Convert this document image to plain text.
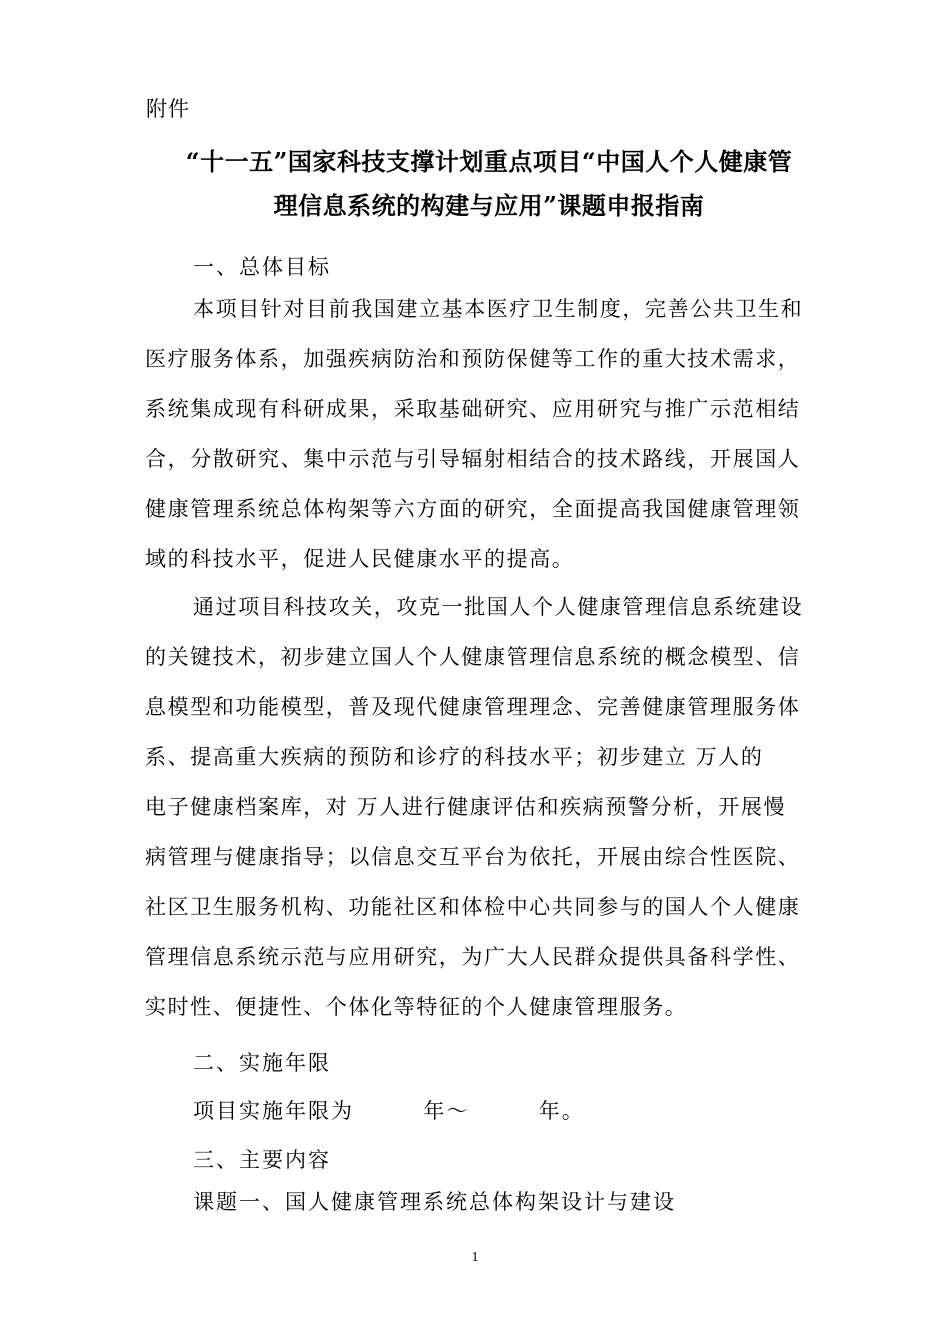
附件
“十一五”国家科技支撑计划重点项目“中国人个人健康管
理信息系统的构建与应用”课题申报指南
一、总体目标
本项目针对目前我国建立基本医疗卫生制度，完善公共卫生和
医疗服务体系，加强疾病防治和预防保健等工作的重大技术需求，
系统集成现有科研成果，采取基础研究、应用研究与推广示范相结
合，分散研究、集中示范与引导辐射相结合的技术路线，开展国人
健康管理系统总体构架等六方面的研究，全面提高我国健康管理领
域的科技水平，促进人民健康水平的提高。
通过项目科技攻关，攻克一批国人个人健康管理信息系统建设
的关键技术，初步建立国人个人健康管理信息系统的概念模型、信
息模型和功能模型，普及现代健康管理理念、完善健康管理服务体
系、提高重大疾病的预防和诊疗的科技水平；初步建立 万人的
电子健康档案库，对 万人进行健康评估和疾病预警分析，开展慢
病管理与健康指导；以信息交互平台为依托，开展由综合性医院、
社区卫生服务机构、功能社区和体检中心共同参与的国人个人健康
管理信息系统示范与应用研究，为广大人民群众提供具备科学性、
实时性、便捷性、个体化等特征的个人健康管理服务。
二、实施年限
项目实施年限为        年～        年。
三、主要内容
课题一、国人健康管理系统总体构架设计与建设
1
